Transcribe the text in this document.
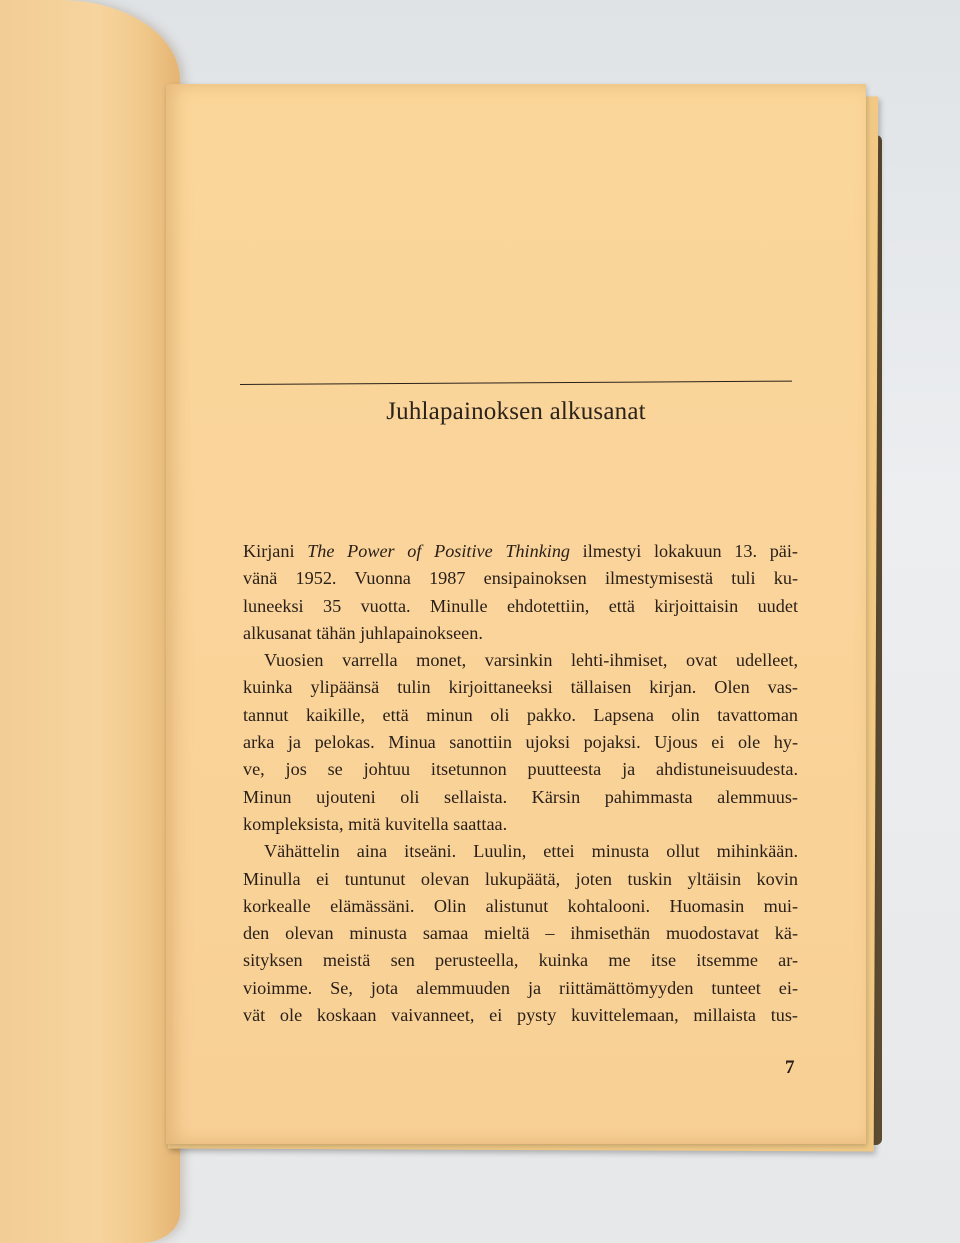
Juhlapainoksen alkusanat
Kirjani The Power of Positive Thinking ilmestyi lokakuun 13. päi-
vänä 1952. Vuonna 1987 ensipainoksen ilmestymisestä tuli ku-
luneeksi 35 vuotta. Minulle ehdotettiin, että kirjoittaisin uudet
alkusanat tähän juhlapainokseen.
Vuosien varrella monet, varsinkin lehti-ihmiset, ovat udelleet,
kuinka ylipäänsä tulin kirjoittaneeksi tällaisen kirjan. Olen vas-
tannut kaikille, että minun oli pakko. Lapsena olin tavattoman
arka ja pelokas. Minua sanottiin ujoksi pojaksi. Ujous ei ole hy-
ve, jos se johtuu itsetunnon puutteesta ja ahdistuneisuudesta.
Minun ujouteni oli sellaista. Kärsin pahimmasta alemmuus-
kompleksista, mitä kuvitella saattaa.
Vähättelin aina itseäni. Luulin, ettei minusta ollut mihinkään.
Minulla ei tuntunut olevan lukupäätä, joten tuskin yltäisin kovin
korkealle elämässäni. Olin alistunut kohtalooni. Huomasin mui-
den olevan minusta samaa mieltä – ihmisethän muodostavat kä-
sityksen meistä sen perusteella, kuinka me itse itsemme ar-
vioimme. Se, jota alemmuuden ja riittämättömyyden tunteet ei-
vät ole koskaan vaivanneet, ei pysty kuvittelemaan, millaista tus-
7
